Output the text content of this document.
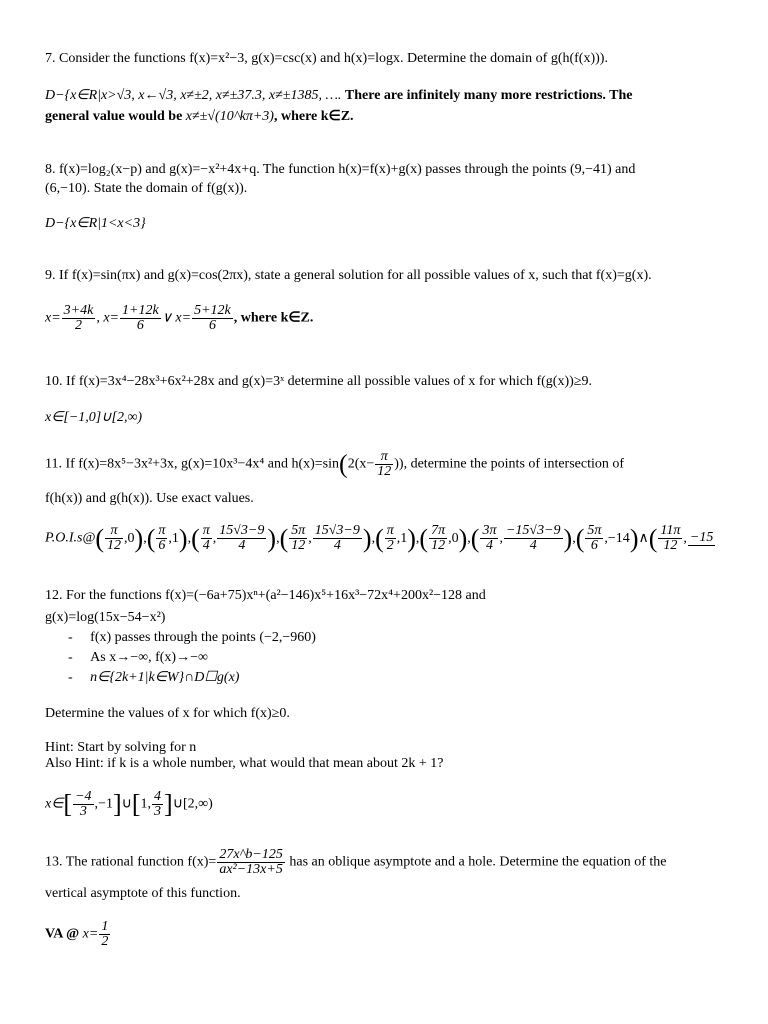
7. Consider the functions f(x)=x²−3, g(x)=csc(x) and h(x)=logx. Determine the domain of g(h(f(x))).
D−{x∈R|x>√3, x←√3, x≠±2, x≠±37.3, x≠±1385, …. There are infinitely many more restrictions. The
general value would be x≠±√(10^kπ+3), where k∈Z.
8. f(x)=log₂(x−p) and g(x)=−x²+4x+q. The function h(x)=f(x)+g(x) passes through the points (9,−41) and
(6,−10). State the domain of f(g(x)).
D−{x∈R|1<x<3}
9. If f(x)=sin(πx) and g(x)=cos(2πx), state a general solution for all possible values of x, such that f(x)=g(x).
$x= \frac{3+4k}{2}$ , $x= \frac{1+12k}{6}$ ∨ $x= \frac{5+12k}{6}$ , where k∈Z.
10. If f(x)=3x⁴−28x³+6x²+28x and g(x)=3ˣ determine all possible values of x for which f(g(x))≥9.
x∈[−1,0]∪[2,∞)
11. If f(x)=8x⁵−3x²+3x, g(x)=10x³−4x⁴ and $h(x)=\sin(2(x- \frac{\pi}{12}$ )), determine the points of intersection of
f(h(x)) and g(h(x)). Use exact values.
P.O.I.s@( $\frac{\pi}{12} ,0),( \frac{\pi}{6} ,1),( \frac{\pi}{4}$ , $\frac{15√3-9}{4}$ ),( $\frac{5\pi}{12}$ , $\frac{15√3-9}{4}$ ),( $\frac{\pi}{2} ,1),( \frac{7\pi}{12} ,0),( \frac{3\pi}{4}$ , $\frac{-15√3-9}{4}$ ),( $\frac{5\pi}{6}$ ,−14)∧( $\frac{11\pi}{12}$ , −15
12. For the functions f(x)=(−6a+75)xⁿ+(a²−146)x⁵+16x³−72x⁴+200x²−128 and
g(x)=log(15x−54−x²)
-     f(x) passes through the points (−2,−960)
-     As x→−∞, f(x)→−∞
-     n∈{2k+1|k∈W}∩D☐g(x)
Determine the values of x for which f(x)≥0.
Hint: Start by solving for n
Also Hint: if k is a whole number, what would that mean about 2k + 1?
x∈[ $\frac{-4}{3}$ ,−1]∪[1, $\frac{4}{3}$ ]∪[2,∞)
13. The rational function $f(x)= \frac{27x\^{}b-125}{\text{ax²−13x+5}}$ has an oblique asymptote and a hole. Determine the equation of the
vertical asymptote of this function.
VA @ $x= \frac{1}{2}$
